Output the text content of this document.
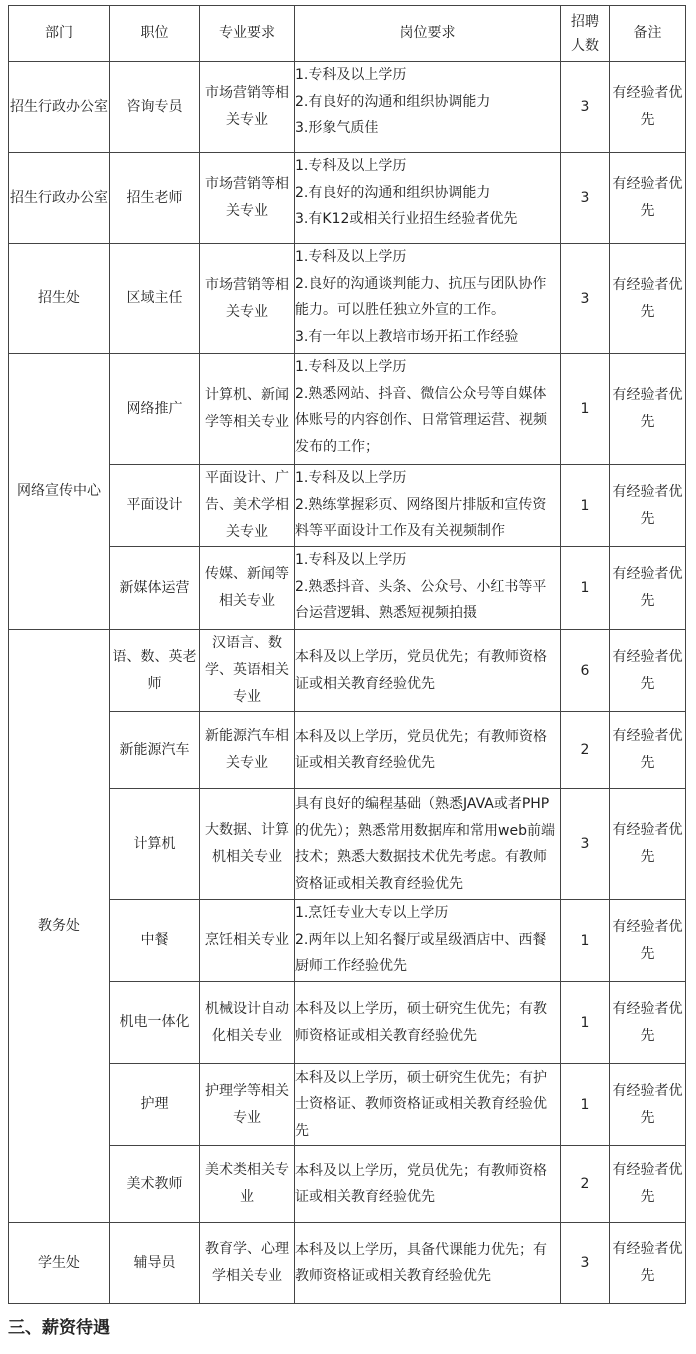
部门	职位	专业要求	岗位要求	招聘人数	备注
招生行政办公室	咨询专员	市场营销等相关专业	1.专科及以上学历
2.有良好的沟通和组织协调能力
3.形象气质佳	3	有经验者优先
招生行政办公室	招生老师	市场营销等相关专业	1.专科及以上学历
2.有良好的沟通和组织协调能力
3.有K12或相关行业招生经验者优先	3	有经验者优先
招生处	区域主任	市场营销等相关专业	1.专科及以上学历
2.良好的沟通谈判能力、抗压与团队协作能力。可以胜任独立外宣的工作。
3.有一年以上教培市场开拓工作经验	3	有经验者优先
网络宣传中心	网络推广	计算机、新闻学等相关专业	1.专科及以上学历
2.熟悉网站、抖音、微信公众号等自媒体体账号的内容创作、日常管理运营、视频发布的工作；	1	有经验者优先
	平面设计	平面设计、广告、美术学相关专业	1.专科及以上学历
2.熟练掌握彩页、网络图片排版和宣传资料等平面设计工作及有关视频制作	1	有经验者优先
	新媒体运营	传媒、新闻等相关专业	1.专科及以上学历
2.熟悉抖音、头条、公众号、小红书等平台运营逻辑、熟悉短视频拍摄	1	有经验者优先
教务处	语、数、英老师	汉语言、数学、英语相关专业	本科及以上学历，党员优先；有教师资格证或相关教育经验优先	6	有经验者优先
	新能源汽车	新能源汽车相关专业	本科及以上学历，党员优先；有教师资格证或相关教育经验优先	2	有经验者优先
	计算机	大数据、计算机相关专业	具有良好的编程基础（熟悉JAVA或者PHP的优先）；熟悉常用数据库和常用web前端技术；熟悉大数据技术优先考虑。有教师资格证或相关教育经验优先	3	有经验者优先
	中餐	烹饪相关专业	1.烹饪专业大专以上学历
2.两年以上知名餐厅或星级酒店中、西餐厨师工作经验优先	1	有经验者优先
	机电一体化	机械设计自动化相关专业	本科及以上学历，硕士研究生优先；有教师资格证或相关教育经验优先	1	有经验者优先
	护理	护理学等相关专业	本科及以上学历，硕士研究生优先；有护士资格证、教师资格证或相关教育经验优先	1	有经验者优先
	美术教师	美术类相关专业	本科及以上学历，党员优先；有教师资格证或相关教育经验优先	2	有经验者优先
学生处	辅导员	教育学、心理学相关专业	本科及以上学历，具备代课能力优先；有教师资格证或相关教育经验优先	3	有经验者优先
三、薪资待遇
